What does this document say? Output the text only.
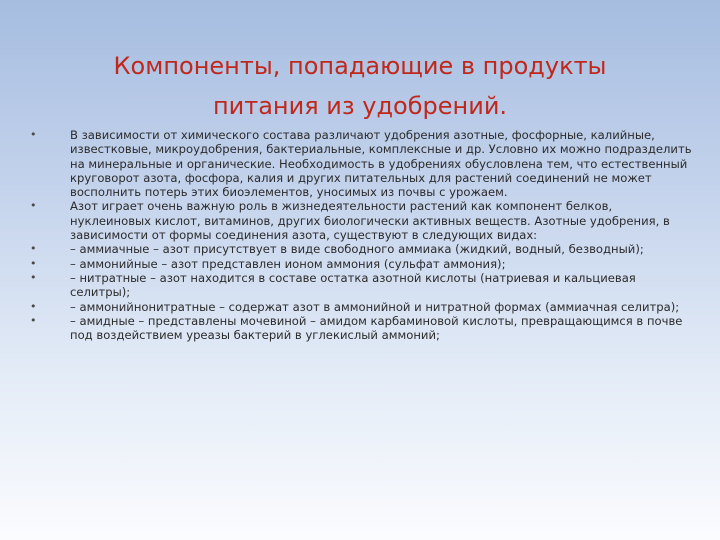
Компоненты, попадающие в продукты
питания из удобрений.
•	В зависимости от химического состава различают удобрения азотные, фосфорные, калийные, известковые, микроудобрения, бактериальные, комплексные и др. Условно их можно подразделить на минеральные и органические. Необходимость в удобрениях обусловлена тем, что естественный круговорот азота, фосфора, калия и других питательных для растений соединений не может восполнить потерь этих биоэлементов, уносимых из почвы с урожаем.
•	Азот играет очень важную роль в жизнедеятельности растений как компонент белков, нуклеиновых кислот, витаминов, других биологически активных веществ. Азотные удобрения, в зависимости от формы соединения азота, существуют в следующих видах:
•	– аммиачные – азот присутствует в виде свободного аммиака (жидкий, водный, безводный);
•	– аммонийные – азот представлен ионом аммония (сульфат аммония);
•	– нитратные – азот находится в составе остатка азотной кислоты (натриевая и кальциевая селитры);
•	– аммонийнонитратные – содержат азот в аммонийной и нитратной формах (аммиачная селитра);
•	– амидные – представлены мочевиной – амидом карбаминовой кислоты, превращающимся в почве под воздействием уреазы бактерий в углекислый аммоний;
